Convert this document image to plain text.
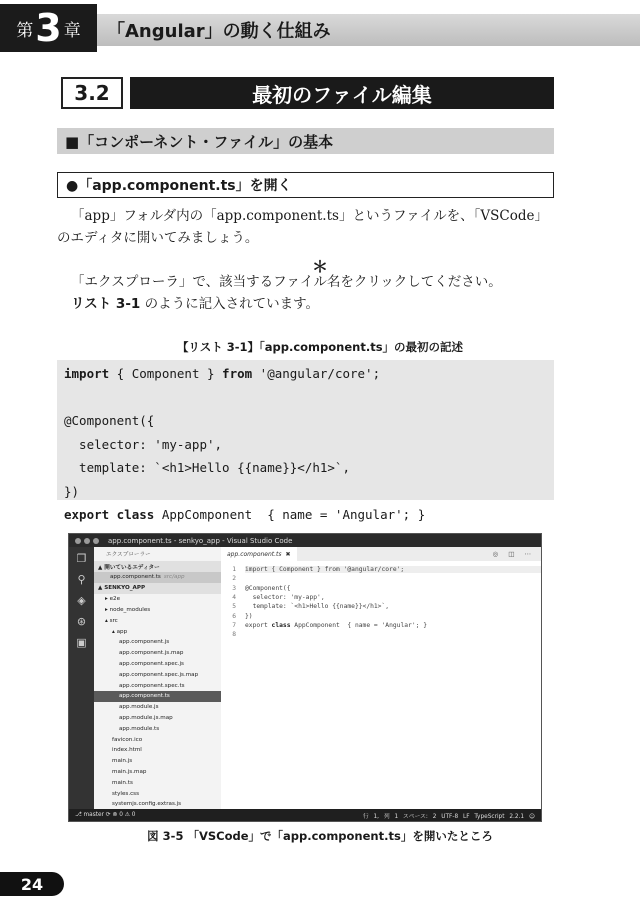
第 3 章	「Angular」の動く仕組み
3.2	最初のファイル編集
■「コンポーネント・ファイル」の基本
●「app.component.ts」を開く
「app」フォルダ内の「app.component.ts」というファイルを、「VSCode」のエディタに開いてみましょう。
＊
「エクスプローラ」で、該当するファイル名をクリックしてください。
リスト 3-1 のように記入されています。
【リスト 3-1】「app.component.ts」の最初の記述
import { Component } from '@angular/core';
@Component({
selector: 'my-app',
template: `<h1>Hello {{name}}</h1>`,
})
export class AppComponent  { name = 'Angular'; }
app.component.ts - senkyo_app - Visual Studio Code
❐
⚲
◈
⊛
▣
エクスプローラー
▲ 開いているエディター
app.component.ts src/app
▲ SENKYO_APP
▸ e2e
▸ node_modules
▴ src
▴ app
app.component.js
app.component.js.map
app.component.spec.js
app.component.spec.js.map
app.component.spec.ts
app.component.ts
app.module.js
app.module.js.map
app.module.ts
favicon.ico
index.html
main.js
main.js.map
main.ts
styles.css
systemjs.config.extras.js
app.component.ts ✖	◎ ◫ ⋯
1	import { Component } from '@angular/core';
2
3	@Component({
4	selector: 'my-app',
5	template: `<h1>Hello {{name}}</h1>`,
6	})
7	export class AppComponent  { name = 'Angular'; }
8
⎇ master ⟳ ⊗ 0 ⚠ 0	行 1, 列 1 スペース: 2 UTF-8 LF TypeScript 2.2.1 ☺
図 3-5 「VSCode」で「app.component.ts」を開いたところ
24
